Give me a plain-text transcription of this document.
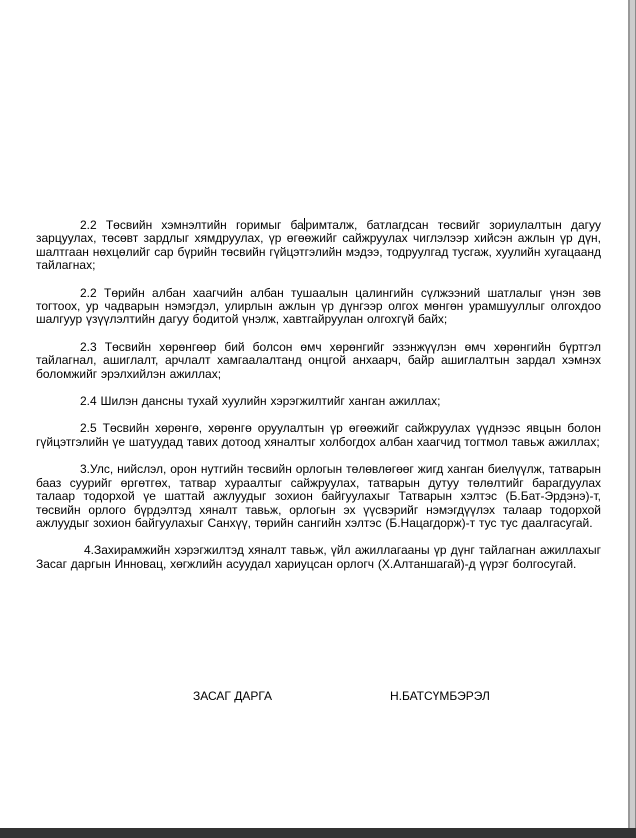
2.2 Төсвийн хэмнэлтийн горимыг ба римталж, батлагдсан төсвийг зориулалтын дагуу зарцуулах, төсөвт зардлыг хямдруулах, үр өгөөжийг сайжруулах чиглэлээр хийсэн ажлын үр дүн, шалтгаан нөхцөлийг сар бүрийн төсвийн гүйцэтгэлийн мэдээ, тодруулгад тусгаж, хуулийн хугацаанд тайлагнах;

2.2 Төрийн албан хаагчийн албан тушаалын цалингийн сүлжээний шатлалыг үнэн зөв тогтоох, ур чадварын нэмэгдэл, улирлын ажлын үр дүнгээр олгох мөнгөн урамшууллыг олгохдоо шалгуур үзүүлэлтийн дагуу бодитой үнэлж, хавтгайруулан олгохгүй байх;

2.3 Төсвийн хөрөнгөөр бий болсон өмч хөрөнгийг эзэнжүүлэн өмч хөрөнгийн бүртгэл тайлагнал, ашиглалт, арчлалт хамгаалалтанд онцгой анхаарч, байр ашиглалтын зардал хэмнэх боломжийг эрэлхийлэн ажиллах;

2.4 Шилэн дансны тухай хуулийн хэрэгжилтийг ханган ажиллах;

2.5 Төсвийн хөрөнгө, хөрөнгө оруулалтын үр өгөөжийг сайжруулах үүднээс явцын болон гүйцэтгэлийн үе шатуудад тавих дотоод хяналтыг холбогдох албан хаагчид тогтмол тавьж ажиллах;

3.Улс, нийслэл, орон нутгийн төсвийн орлогын төлөвлөгөөг жигд ханган биелүүлж, татварын бааз суурийг өргөтгөх, татвар хураалтыг сайжруулах, татварын дутуу төлөлтийг барагдуулах талаар тодорхой үе шаттай ажлуудыг зохион байгуулахыг Татварын хэлтэс (Б.Бат-Эрдэнэ)-т, төсвийн орлого бүрдэлтэд хяналт тавьж, орлогын эх үүсвэрийг нэмэгдүүлэх талаар тодорхой ажлуудыг зохион байгуулахыг Санхүү, төрийн сангийн хэлтэс (Б.Нацагдорж)-т тус тус даалгасугай.

4.Захирамжийн хэрэгжилтэд хяналт тавьж, үйл ажиллагааны үр дүнг тайлагнан ажиллахыг Засаг даргын Инновац, хөгжлийн асуудал хариуцсан орлогч (Х.Алтаншагай)-д үүрэг болгосугай.

ЗАСАГ ДАРГА	Н.БАТСҮМБЭРЭЛ
